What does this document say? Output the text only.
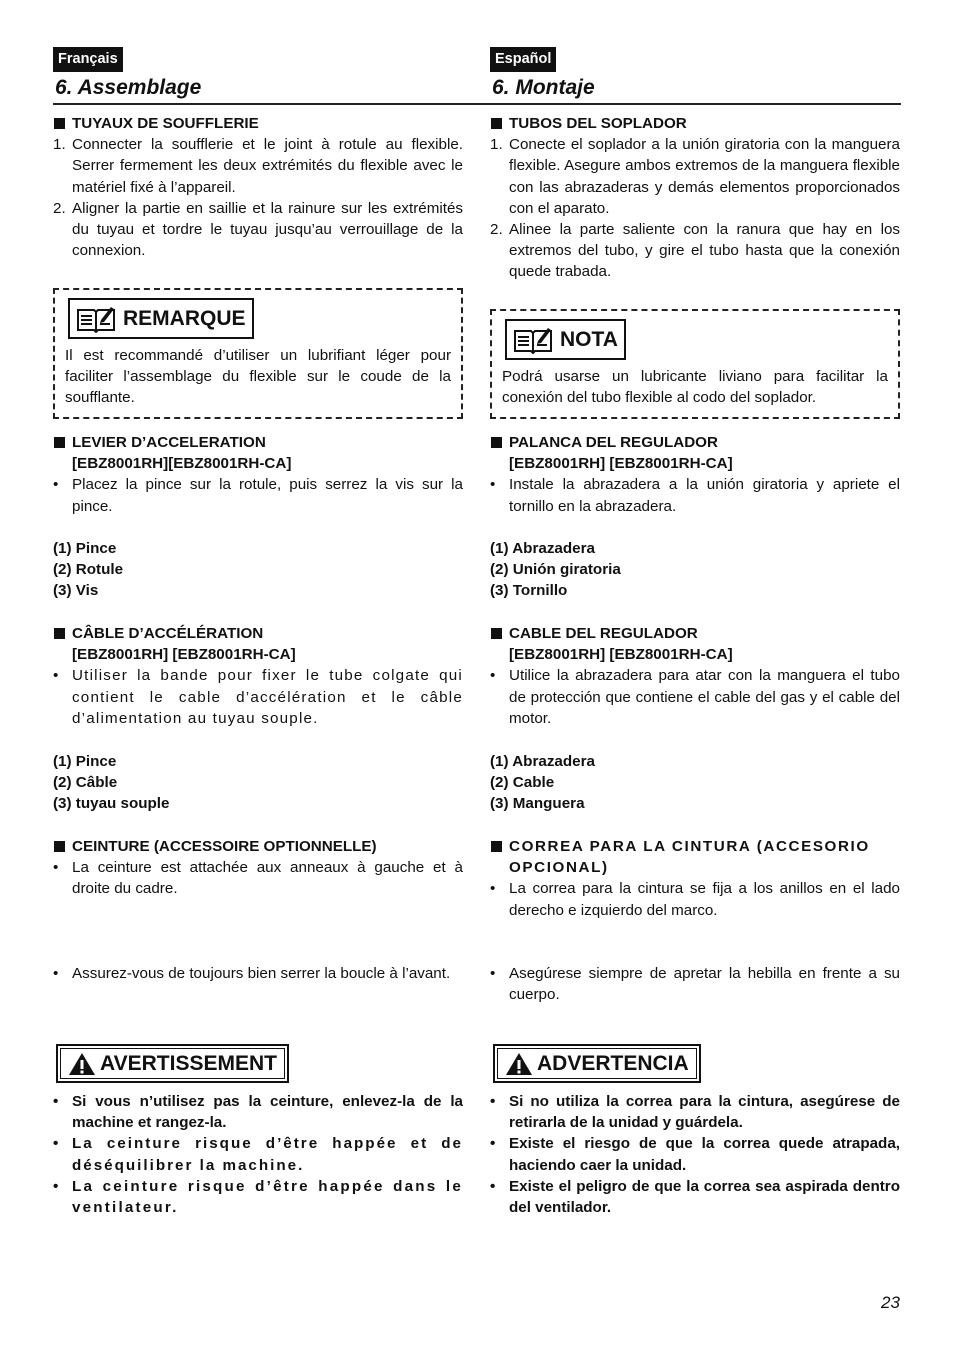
Français
6. Assemblage
TUYAUX DE SOUFFLERIE
1. Connecter la soufflerie et le joint à rotule au flexible. Serrer fermement les deux extrémités du flexible avec le matériel fixé à l’appareil.
2. Aligner la partie en saillie et la rainure sur les extrémités du tuyau et tordre le tuyau jusqu’au verrouillage de la connexion.
REMARQUE
Il est recommandé d’utiliser un lubrifiant léger pour faciliter l’assemblage du flexible sur le coude de la soufflante.
LEVIER D’ACCELERATION
[EBZ8001RH][EBZ8001RH-CA]
• Placez la pince sur la rotule, puis serrez la vis sur la pince.
(1) Pince
(2) Rotule
(3) Vis
CÂBLE D’ACCÉLÉRATION
[EBZ8001RH] [EBZ8001RH-CA]
• Utiliser la bande pour fixer le tube colgate qui contient le cable d’accélération et le câble d’alimentation au tuyau souple.
(1) Pince
(2) Câble
(3) tuyau souple
CEINTURE (ACCESSOIRE OPTIONNELLE)
• La ceinture est attachée aux anneaux à gauche et à droite du cadre.
• Assurez-vous de toujours bien serrer la boucle à l’avant.
AVERTISSEMENT
• Si vous n’utilisez pas la ceinture, enlevez-la de la machine et rangez-la.
• La ceinture risque d’être happée et de déséquilibrer la machine.
• La ceinture risque d’être happée dans le ventilateur.
Español
6. Montaje
TUBOS DEL SOPLADOR
1. Conecte el soplador a la unión giratoria con la manguera flexible. Asegure ambos extremos de la manguera flexible con las abrazaderas y demás elementos proporcionados con el aparato.
2. Alinee la parte saliente con la ranura que hay en los extremos del tubo, y gire el tubo hasta que la conexión quede trabada.
NOTA
Podrá usarse un lubricante liviano para facilitar la conexión del tubo flexible al codo del soplador.
PALANCA DEL REGULADOR
[EBZ8001RH] [EBZ8001RH-CA]
• Instale la abrazadera a la unión giratoria y apriete el tornillo en la abrazadera.
(1) Abrazadera
(2) Unión giratoria
(3) Tornillo
CABLE DEL REGULADOR
[EBZ8001RH] [EBZ8001RH-CA]
• Utilice la abrazadera para atar con la manguera el tubo de protección que contiene el cable del gas y el cable del motor.
(1) Abrazadera
(2) Cable
(3) Manguera
CORREA PARA LA CINTURA (ACCESORIO OPCIONAL)
• La correa para la cintura se fija a los anillos en el lado derecho e izquierdo del marco.
• Asegúrese siempre de apretar la hebilla en frente a su cuerpo.
ADVERTENCIA
• Si no utiliza la correa para la cintura, asegúrese de retirarla de la unidad y guárdela.
• Existe el riesgo de que la correa quede atrapada, haciendo caer la unidad.
• Existe el peligro de que la correa sea aspirada dentro del ventilador.
23
